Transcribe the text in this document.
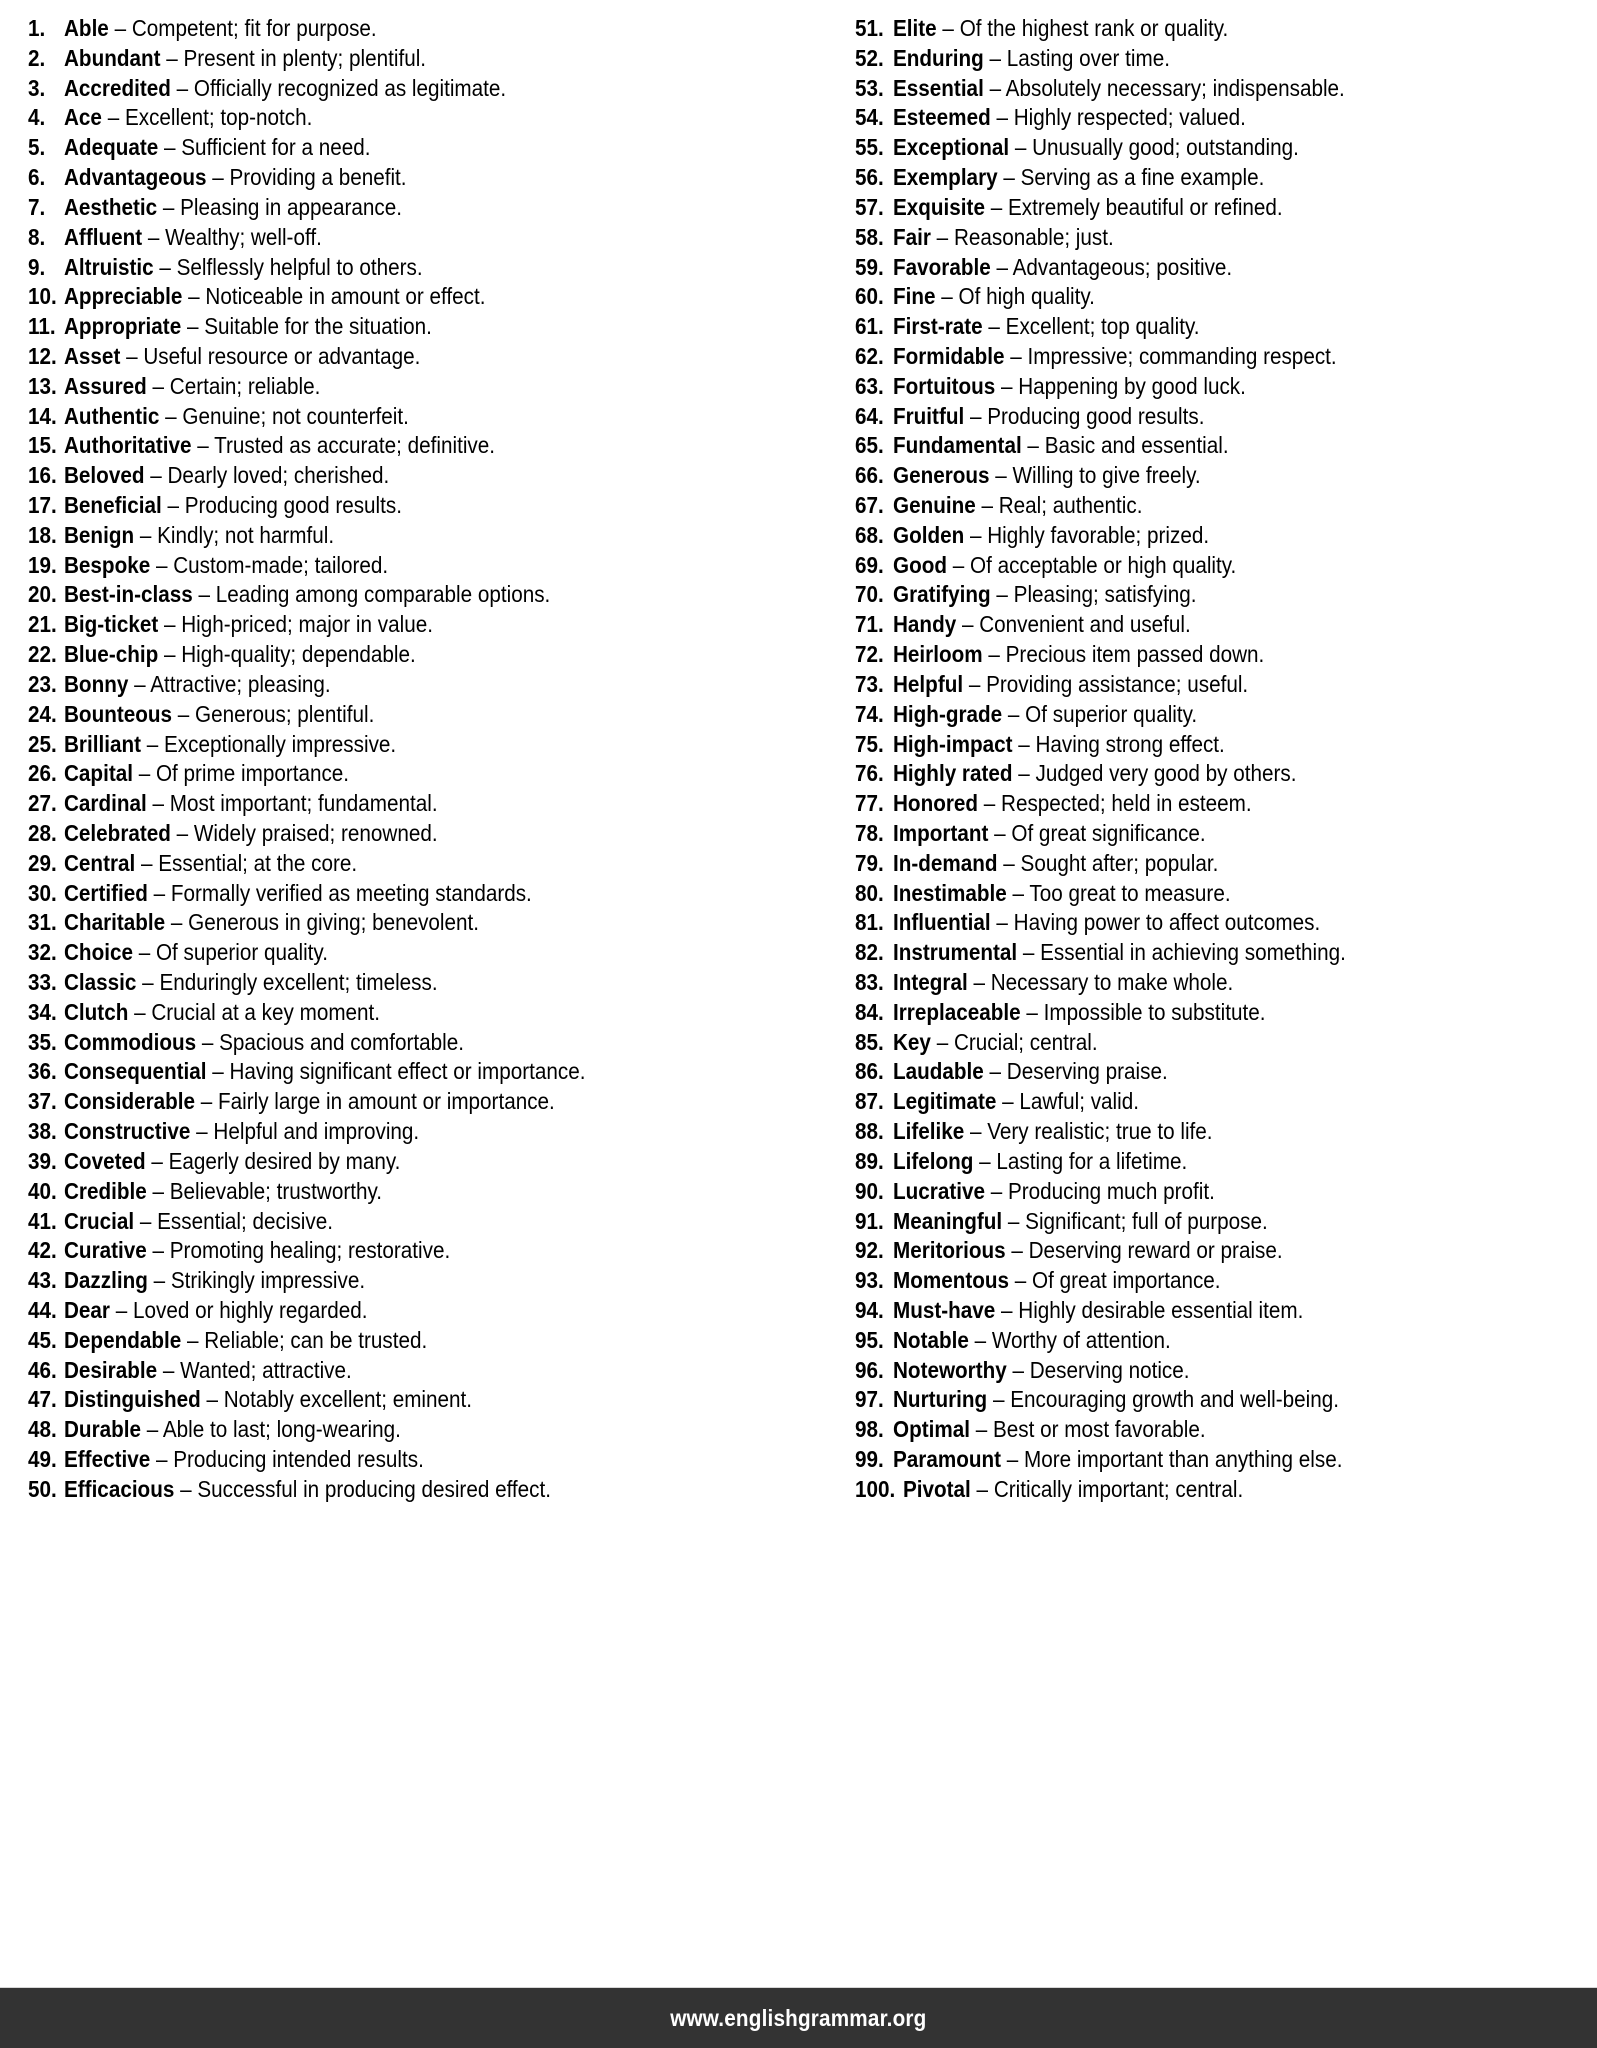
1. Able – Competent; fit for purpose.
2. Abundant – Present in plenty; plentiful.
3. Accredited – Officially recognized as legitimate.
4. Ace – Excellent; top-notch.
5. Adequate – Sufficient for a need.
6. Advantageous – Providing a benefit.
7. Aesthetic – Pleasing in appearance.
8. Affluent – Wealthy; well-off.
9. Altruistic – Selflessly helpful to others.
10. Appreciable – Noticeable in amount or effect.
11. Appropriate – Suitable for the situation.
12. Asset – Useful resource or advantage.
13. Assured – Certain; reliable.
14. Authentic – Genuine; not counterfeit.
15. Authoritative – Trusted as accurate; definitive.
16. Beloved – Dearly loved; cherished.
17. Beneficial – Producing good results.
18. Benign – Kindly; not harmful.
19. Bespoke – Custom-made; tailored.
20. Best-in-class – Leading among comparable options.
21. Big-ticket – High-priced; major in value.
22. Blue-chip – High-quality; dependable.
23. Bonny – Attractive; pleasing.
24. Bounteous – Generous; plentiful.
25. Brilliant – Exceptionally impressive.
26. Capital – Of prime importance.
27. Cardinal – Most important; fundamental.
28. Celebrated – Widely praised; renowned.
29. Central – Essential; at the core.
30. Certified – Formally verified as meeting standards.
31. Charitable – Generous in giving; benevolent.
32. Choice – Of superior quality.
33. Classic – Enduringly excellent; timeless.
34. Clutch – Crucial at a key moment.
35. Commodious – Spacious and comfortable.
36. Consequential – Having significant effect or importance.
37. Considerable – Fairly large in amount or importance.
38. Constructive – Helpful and improving.
39. Coveted – Eagerly desired by many.
40. Credible – Believable; trustworthy.
41. Crucial – Essential; decisive.
42. Curative – Promoting healing; restorative.
43. Dazzling – Strikingly impressive.
44. Dear – Loved or highly regarded.
45. Dependable – Reliable; can be trusted.
46. Desirable – Wanted; attractive.
47. Distinguished – Notably excellent; eminent.
48. Durable – Able to last; long-wearing.
49. Effective – Producing intended results.
50. Efficacious – Successful in producing desired effect.
51. Elite – Of the highest rank or quality.
52. Enduring – Lasting over time.
53. Essential – Absolutely necessary; indispensable.
54. Esteemed – Highly respected; valued.
55. Exceptional – Unusually good; outstanding.
56. Exemplary – Serving as a fine example.
57. Exquisite – Extremely beautiful or refined.
58. Fair – Reasonable; just.
59. Favorable – Advantageous; positive.
60. Fine – Of high quality.
61. First-rate – Excellent; top quality.
62. Formidable – Impressive; commanding respect.
63. Fortuitous – Happening by good luck.
64. Fruitful – Producing good results.
65. Fundamental – Basic and essential.
66. Generous – Willing to give freely.
67. Genuine – Real; authentic.
68. Golden – Highly favorable; prized.
69. Good – Of acceptable or high quality.
70. Gratifying – Pleasing; satisfying.
71. Handy – Convenient and useful.
72. Heirloom – Precious item passed down.
73. Helpful – Providing assistance; useful.
74. High-grade – Of superior quality.
75. High-impact – Having strong effect.
76. Highly rated – Judged very good by others.
77. Honored – Respected; held in esteem.
78. Important – Of great significance.
79. In-demand – Sought after; popular.
80. Inestimable – Too great to measure.
81. Influential – Having power to affect outcomes.
82. Instrumental – Essential in achieving something.
83. Integral – Necessary to make whole.
84. Irreplaceable – Impossible to substitute.
85. Key – Crucial; central.
86. Laudable – Deserving praise.
87. Legitimate – Lawful; valid.
88. Lifelike – Very realistic; true to life.
89. Lifelong – Lasting for a lifetime.
90. Lucrative – Producing much profit.
91. Meaningful – Significant; full of purpose.
92. Meritorious – Deserving reward or praise.
93. Momentous – Of great importance.
94. Must-have – Highly desirable essential item.
95. Notable – Worthy of attention.
96. Noteworthy – Deserving notice.
97. Nurturing – Encouraging growth and well-being.
98. Optimal – Best or most favorable.
99. Paramount – More important than anything else.
100. Pivotal – Critically important; central.
www.englishgrammar.org
